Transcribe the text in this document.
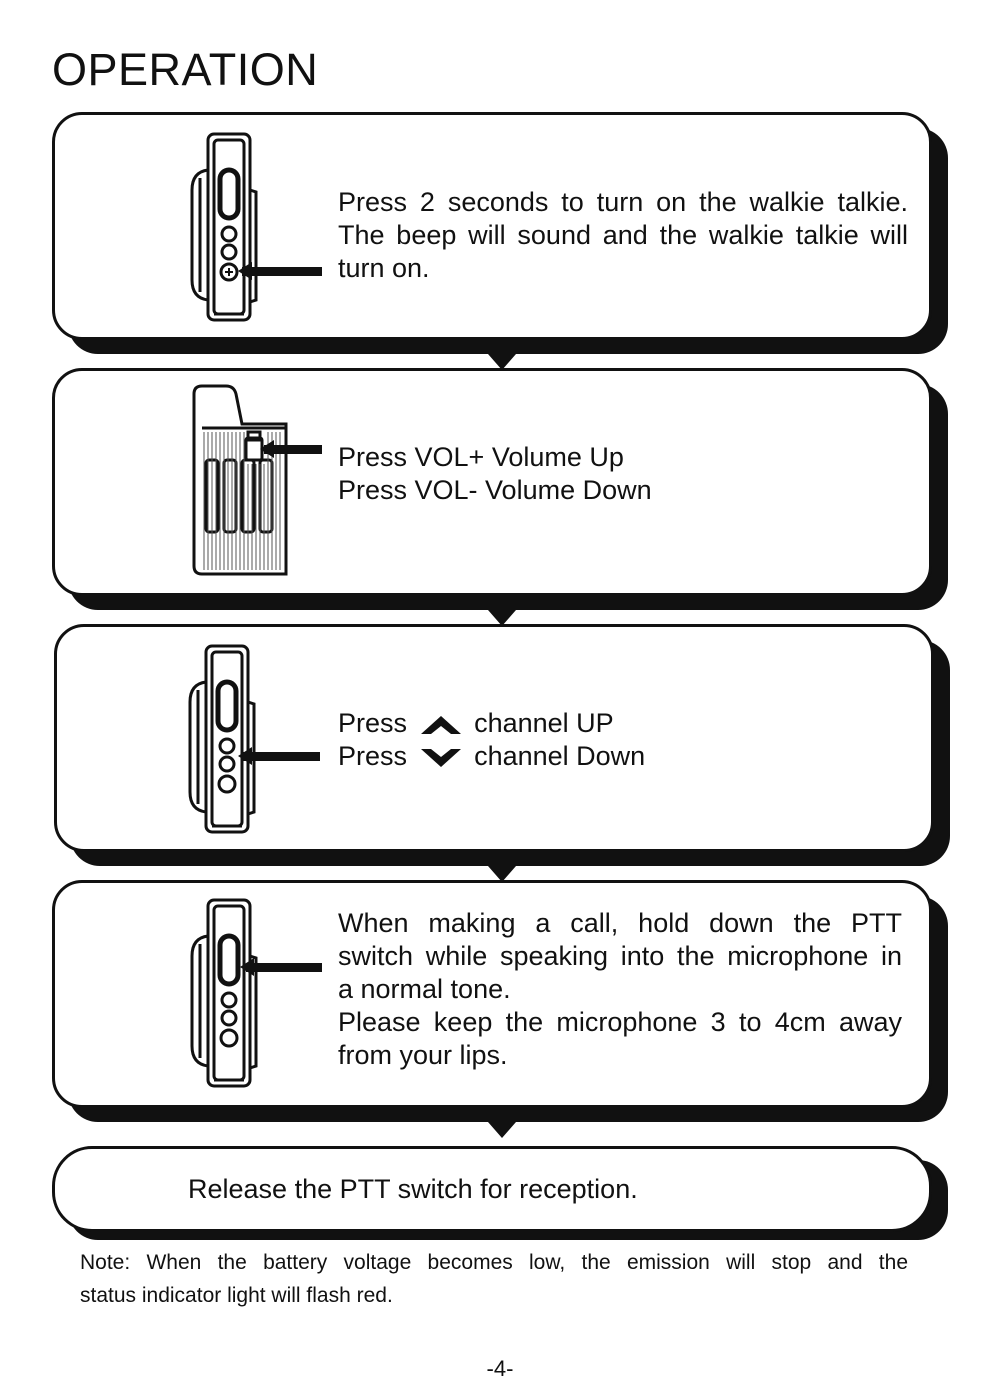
OPERATION
Press 2 seconds to turn on the walkie talkie.
The beep will sound and the walkie talkie will
turn on.
Press VOL+ Volume Up
Press VOL- Volume Down
Press channel UP
Press channel Down
When making a call, hold down the PTT
switch while speaking into the microphone in
a normal tone.
Please keep the microphone 3 to 4cm away
from your lips.
Release the PTT switch for reception.
Note: When the battery voltage becomes low, the emission will stop and the
status indicator light will flash red.
-4-
